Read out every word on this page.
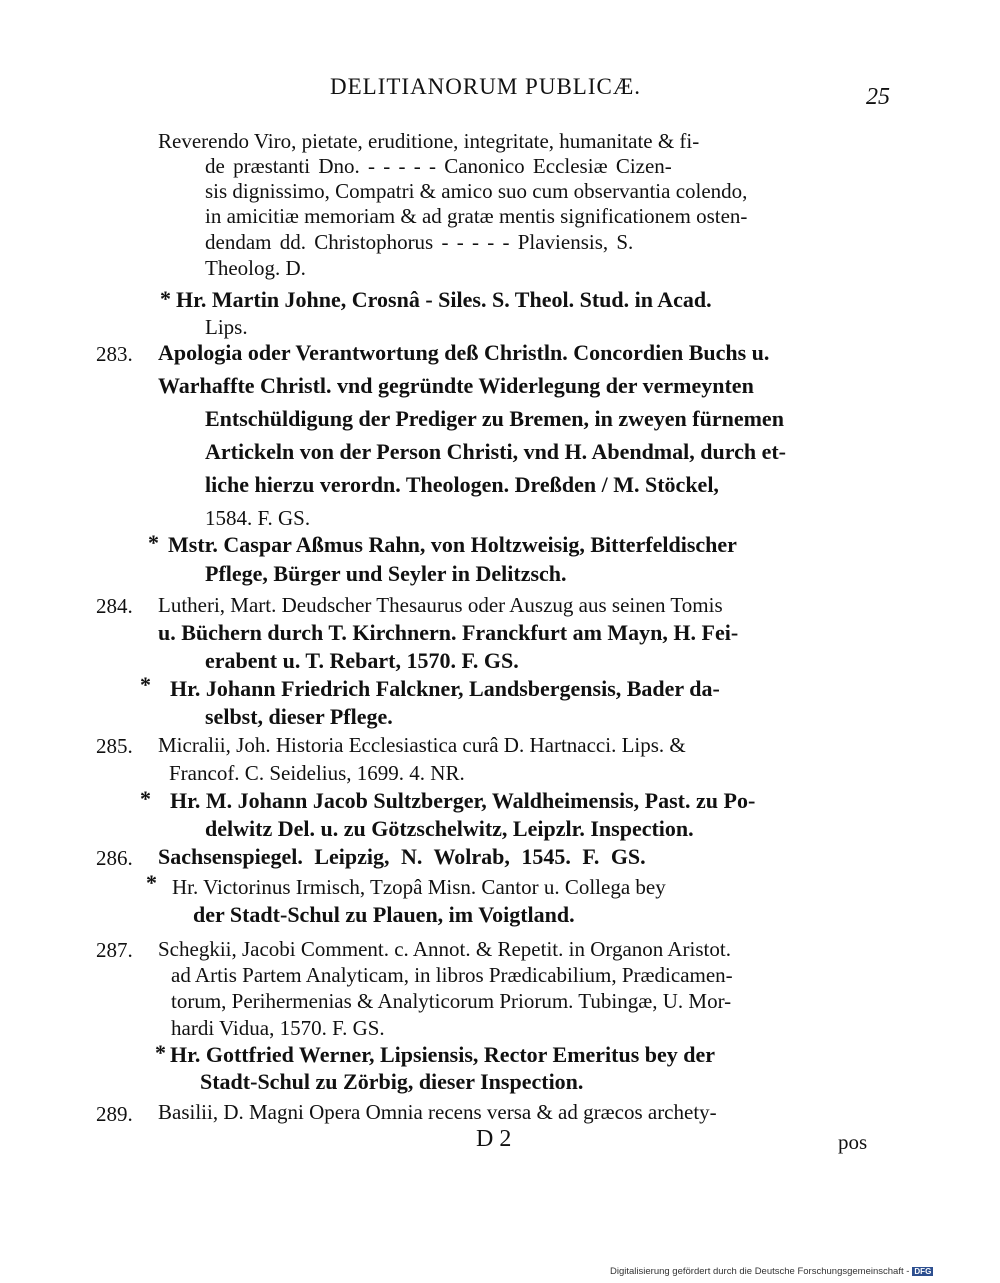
DELITIANORUM PUBLICÆ.	25
Reverendo Viro, pietate, eruditione, integritate, humanitate & fi-
de præstanti Dno. - - - - - Canonico Ecclesiæ Cizen-
sis dignissimo, Compatri & amico suo cum observantia colendo,
in amicitiæ memoriam & ad gratæ mentis significationem osten-
dendam dd. Christophorus - - - - - Plaviensis, S.
Theolog. D.
* Hr. Martin Johne, Crosnâ - Siles. S. Theol. Stud. in Acad.
Lips.
283. Apologia oder Verantwortung deß Christln. Concordien Buchs u.
Warhaffte Christl. vnd gegründte Widerlegung der vermeynten
Entschüldigung der Prediger zu Bremen, in zweyen fürnemen
Artickeln von der Person Christi, vnd H. Abendmal, durch et-
liche hierzu verordn. Theologen. Dreßden / M. Stöckel,
1584. F. GS.
* Mstr. Caspar Aßmus Rahn, von Holtzweisig, Bitterfeldischer
Pflege, Bürger und Seyler in Delitzsch.
284. Lutheri, Mart. Deudscher Thesaurus oder Auszug aus seinen Tomis
u. Büchern durch T. Kirchnern. Franckfurt am Mayn, H. Fei-
erabent u. T. Rebart, 1570. F. GS.
* Hr. Johann Friedrich Falckner, Landsbergensis, Bader da-
selbst, dieser Pflege.
285. Micralii, Joh. Historia Ecclesiastica curâ D. Hartnacci. Lips. &
Francof. C. Seidelius, 1699. 4. NR.
* Hr. M. Johann Jacob Sultzberger, Waldheimensis, Past. zu Po-
delwitz Del. u. zu Götzschelwitz, Leipzlr. Inspection.
286. Sachsenspiegel. Leipzig, N. Wolrab, 1545. F. GS.
* Hr. Victorinus Irmisch, Tzopâ Misn. Cantor u. Collega bey
der Stadt-Schul zu Plauen, im Voigtland.
287. Schegkii, Jacobi Comment. c. Annot. & Repetit. in Organon Aristot.
ad Artis Partem Analyticam, in libros Prædicabilium, Prædicamen-
torum, Perihermenias & Analyticorum Priorum. Tubingæ, U. Mor-
hardi Vidua, 1570. F. GS.
* Hr. Gottfried Werner, Lipsiensis, Rector Emeritus bey der
Stadt-Schul zu Zörbig, dieser Inspection.
289. Basilii, D. Magni Opera Omnia recens versa & ad græcos archety-
D 2	pos
Digitalisierung gefördert durch die Deutsche Forschungsgemeinschaft - DFG
